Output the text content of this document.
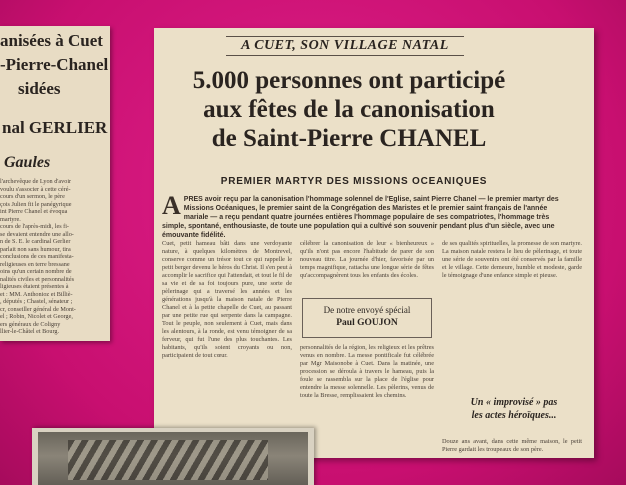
anisées à Cuet
-Pierre-Chanel
sidées
nal GERLIER
Gaules
l'archevêque de Lyon d'avoir
voulu s'associer à cette céré-
cours d'un sermon, le père
çois Julien fit le panégyrique
int Pierre Chanel et évoqua
martyre.
cours de l'après-midi, les fi-
se devaient entendre une allo-
n de S. E. le cardinal Gerlier
parlait non sans humour, tira
conclusions de ces manifesta-
religieuses en terre bressane
oins qu'un certain nombre de
nalités civiles et personnalités
ligieuses étaient présentes à
et : MM. Anthonioz et Billiè-
, députés ; Chastel, sénateur ;
cr, conseiller général de Mont-
el ; Robin, Nicolet et George,
ers généraux de Coligny
llier-le-Châtel et Bourg.
A CUET, SON VILLAGE NATAL
5.000 personnes ont participé
aux fêtes de la canonisation
de Saint-Pierre CHANEL
PREMIER MARTYR DES MISSIONS OCEANIQUES
A PRES avoir reçu par la canonisation l'hommage solennel de l'Eglise, saint Pierre Chanel — le premier martyr des Missions Océaniques, le premier saint de la Congrégation des Maristes et le premier saint français de l'année mariale — a reçu pendant quatre journées entières l'hommage populaire de ses compatriotes, l'hommage très simple, spontané, enthousiaste, de toute une population qui a cultivé son souvenir pendant plus d'un siècle, avec une émouvante fidélité.
Cuet, petit hameau bâti dans une verdoyante nature, à quelques kilomètres de Montrevel, conserve comme un trésor tout ce qui rappelle le petit berger devenu le héros du Christ. Il s'en peut à accomplir le sacrifice qui l'attendait, et tout le fil de sa vie et de sa foi toujours pure, une sorte de pèlerinage qui a traversé les années et les générations jusqu'à la maison natale de Pierre Chanel et à la petite chapelle de Cuet, au passant par une petite rue qui serpente dans la campagne. Tout le peuple, non seulement à Cuet, mais dans les alentours, à la ronde, est venu témoigner de sa ferveur, qui fut l'une des plus touchantes. Les habitants, qu'ils soient croyants ou non, participaient de tout cœur.
célébrer la canonisation de leur « bienheureux » qu'ils n'ont pas encore l'habitude de parer de son nouveau titre. La journée d'hier, favorisée par un temps magnifique, rattacha une longue série de fêtes qu'accompagnèrent tous les enfants des écoles.
De notre envoyé spécial
Paul GOUJON
personnalités de la région, les religieux et les prêtres venus en nombre. La messe pontificale fut célébrée par Mgr Maisonobe à Cuet. Dans la matinée, une procession se déroula à travers le hameau, puis la foule se rassembla sur la place de l'église pour entendre la messe solennelle. Les pèlerins, venus de toute la Bresse, remplissaient les chemins.
de ses qualités spirituelles, la promesse de son martyre. La maison natale restera le lieu de pèlerinage, et toute une série de souvenirs ont été conservés par la famille et le village. Cette demeure, humble et modeste, garde le témoignage d'une enfance simple et pieuse.
Un « improvisé » pas
les actes héroïques...
Douze ans avant, dans cette même maison, le petit Pierre gardait les troupeaux de son père.
